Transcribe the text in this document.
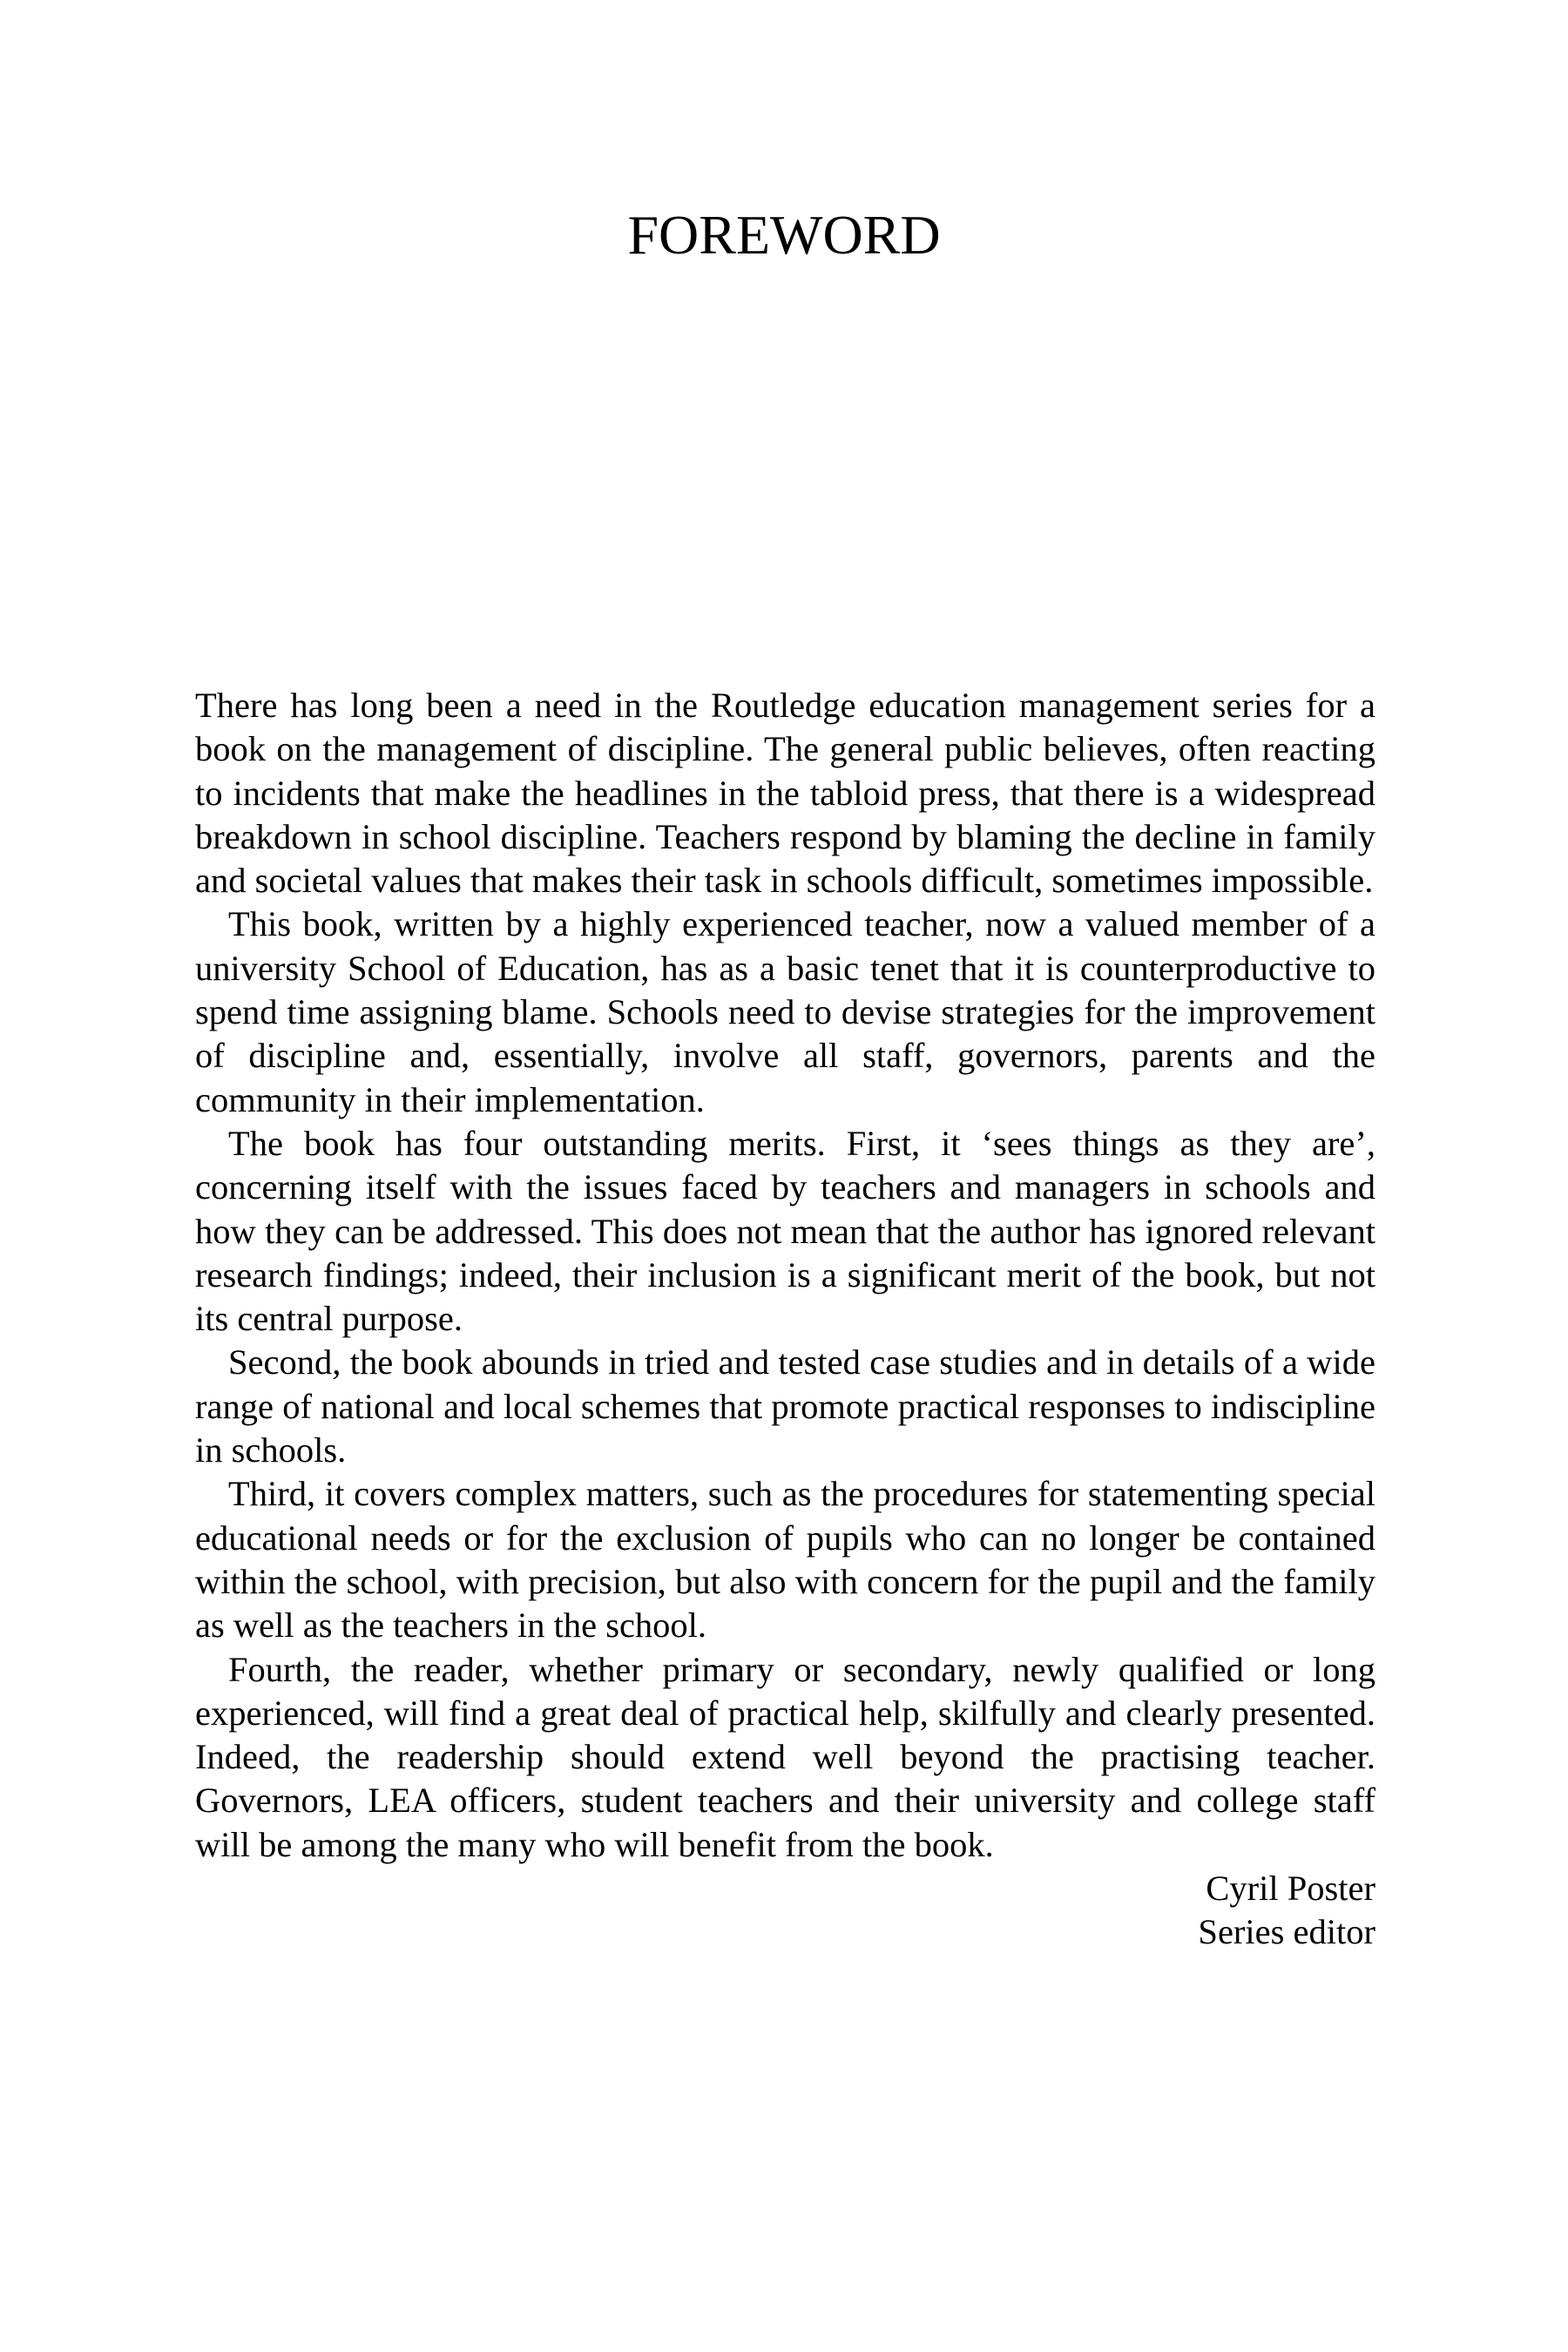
FOREWORD

There has long been a need in the Routledge education management series for a book on the management of discipline. The general public believes, often reacting to incidents that make the headlines in the tabloid press, that there is a widespread breakdown in school discipline. Teachers respond by blaming the decline in family and societal values that makes their task in schools difficult, sometimes impossible.

This book, written by a highly experienced teacher, now a valued member of a university School of Education, has as a basic tenet that it is counterproductive to spend time assigning blame. Schools need to devise strategies for the improvement of discipline and, essentially, involve all staff, governors, parents and the community in their implementation.

The book has four outstanding merits. First, it ‘sees things as they are’, concerning itself with the issues faced by teachers and managers in schools and how they can be addressed. This does not mean that the author has ignored relevant research findings; indeed, their inclusion is a significant merit of the book, but not its central purpose.

Second, the book abounds in tried and tested case studies and in details of a wide range of national and local schemes that promote practical responses to indiscipline in schools.

Third, it covers complex matters, such as the procedures for statementing special educational needs or for the exclusion of pupils who can no longer be contained within the school, with precision, but also with concern for the pupil and the family as well as the teachers in the school.

Fourth, the reader, whether primary or secondary, newly qualified or long experienced, will find a great deal of practical help, skilfully and clearly presented. Indeed, the readership should extend well beyond the practising teacher. Governors, LEA officers, student teachers and their university and college staff will be among the many who will benefit from the book.

Cyril Poster

Series editor
